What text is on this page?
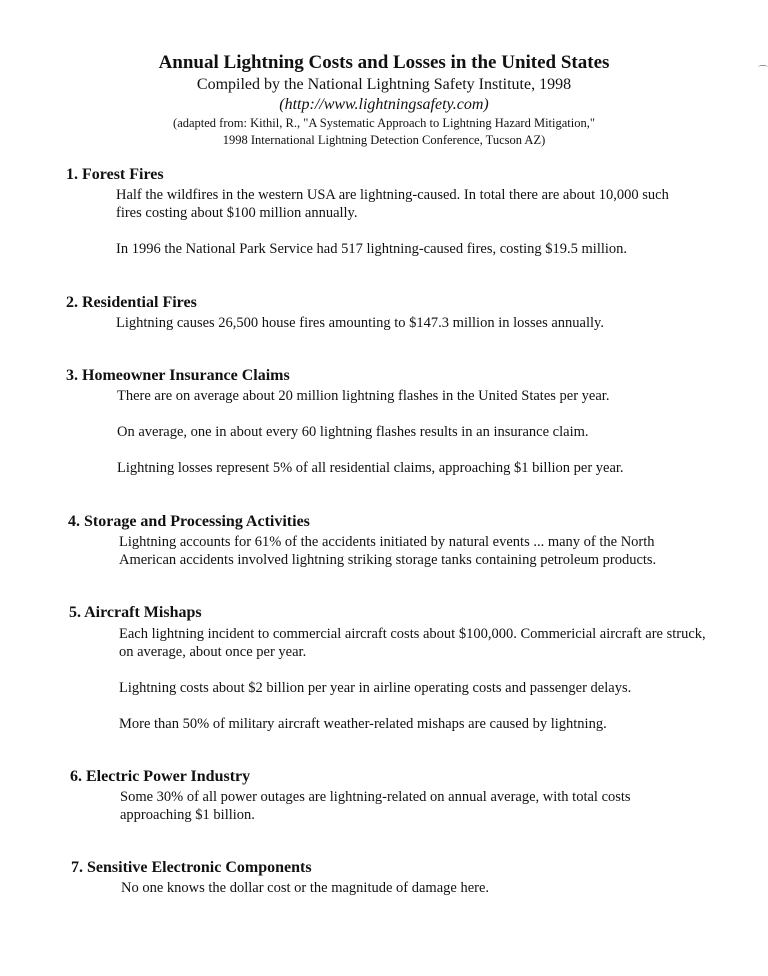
Annual Lightning Costs and Losses in the United States
Compiled by the National Lightning Safety Institute, 1998
(http://www.lightningsafety.com)
(adapted from: Kithil, R., "A Systematic Approach to Lightning Hazard Mitigation,"
1998 International Lightning Detection Conference, Tucson AZ)
⌒
1. Forest Fires

Half the wildfires in the western USA are lightning-caused. In total there are about 10,000 such fires costing about $100 million annually.

In 1996 the National Park Service had 517 lightning-caused fires, costing $19.5 million.

2. Residential Fires

Lightning causes 26,500 house fires amounting to $147.3 million in losses annually.

3. Homeowner Insurance Claims

There are on average about 20 million lightning flashes in the United States per year.

On average, one in about every 60 lightning flashes results in an insurance claim.

Lightning losses represent 5% of all residential claims, approaching $1 billion per year.

4. Storage and Processing Activities

Lightning accounts for 61% of the accidents initiated by natural events ... many of the North American accidents involved lightning striking storage tanks containing petroleum products.

5. Aircraft Mishaps

Each lightning incident to commercial aircraft costs about $100,000. Commericial aircraft are struck, on average, about once per year.

Lightning costs about $2 billion per year in airline operating costs and passenger delays.

More than 50% of military aircraft weather-related mishaps are caused by lightning.

6. Electric Power Industry

Some 30% of all power outages are lightning-related on annual average, with total costs approaching $1 billion.

7. Sensitive Electronic Components

No one knows the dollar cost or the magnitude of damage here.
